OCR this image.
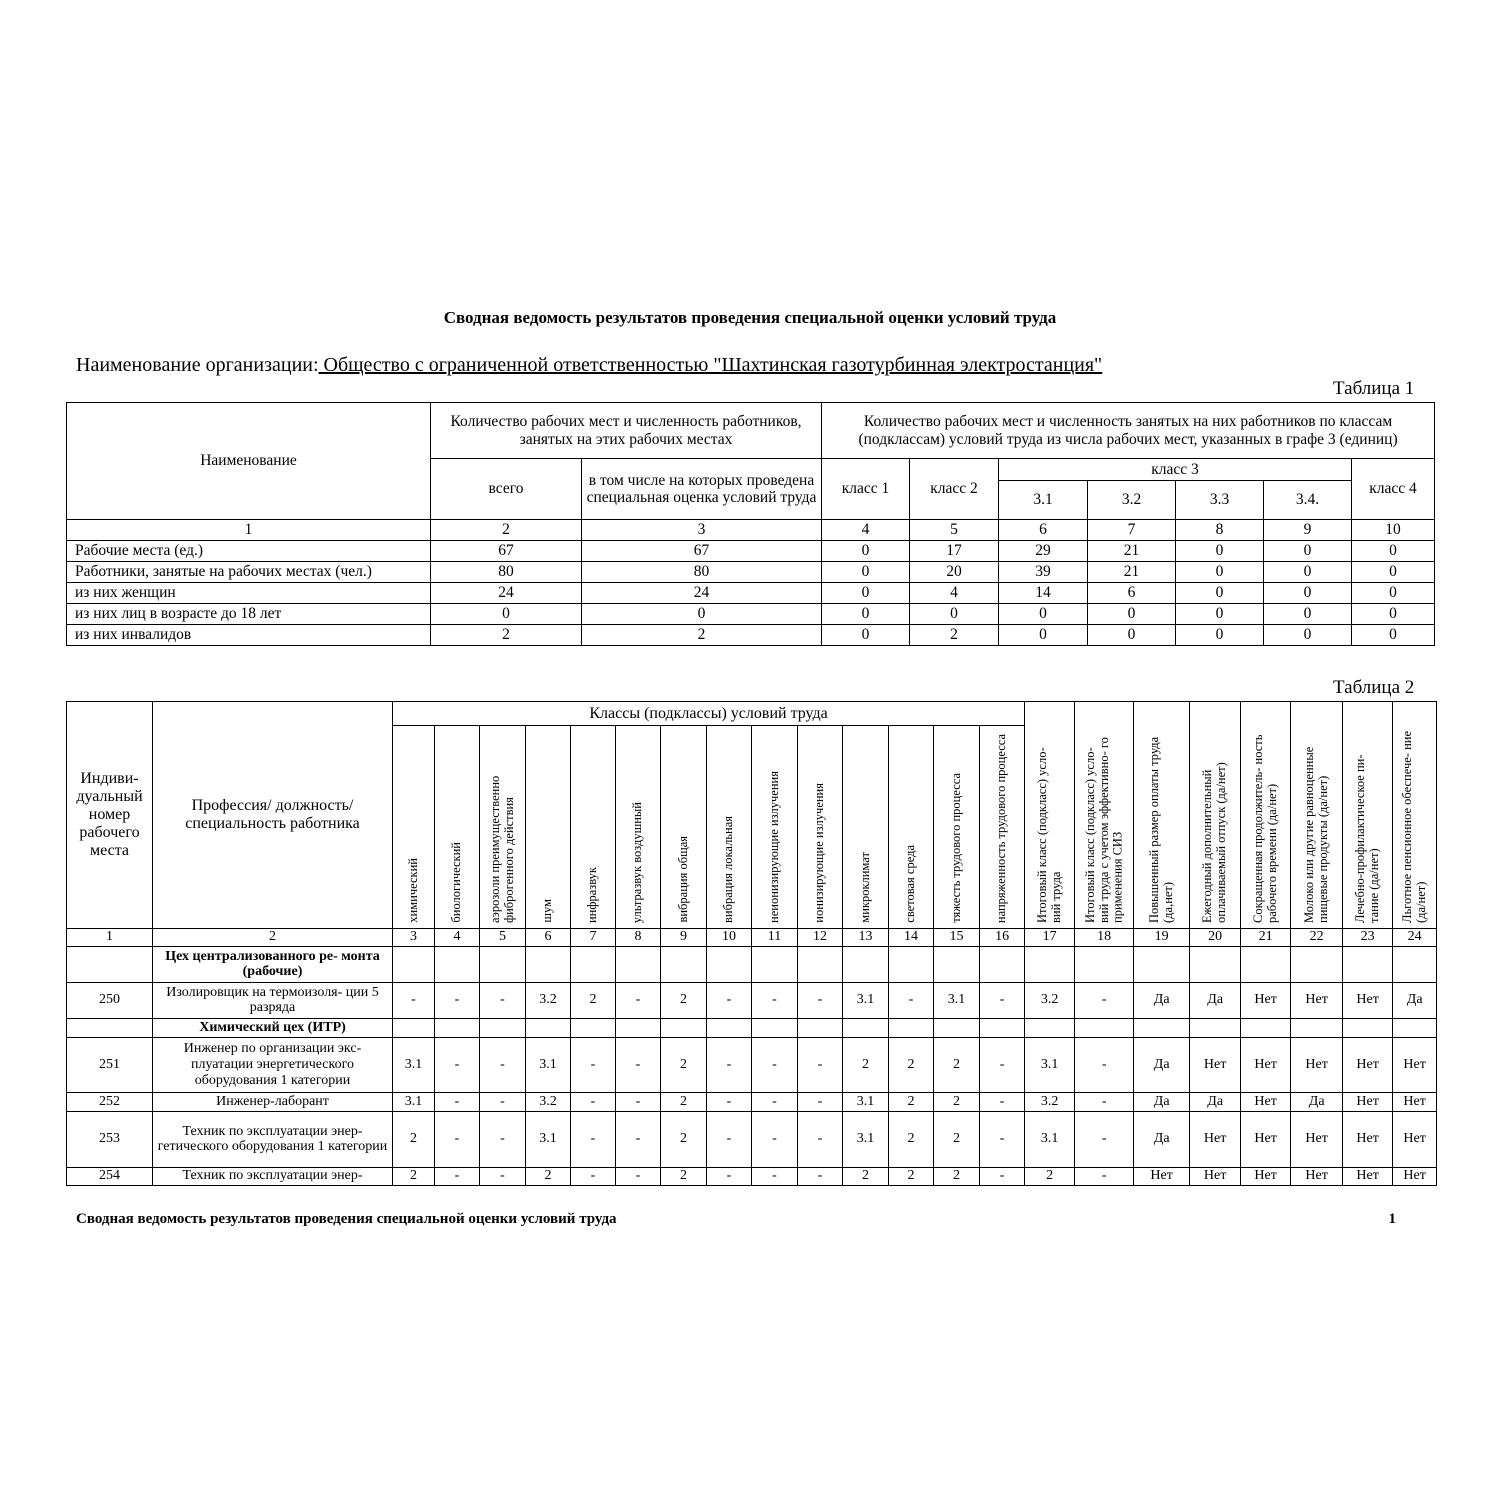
Сводная ведомость результатов проведения специальной оценки условий труда
Наименование организации: Общество с ограниченной ответственностью "Шахтинская газотурбинная электростанция"
Таблица 1
Наименование	Количество рабочих мест и численность работников, занятых на этих рабочих местах		Количество рабочих мест и численность занятых на них работников по классам (подклассам) условий труда из числа рабочих мест, указанных в графе 3 (единиц)						
	всего	в том числе на которых проведена специальная оценка условий труда	класс 1	класс 2	класс 3				класс 4
					3.1	3.2	3.3	3.4.	
1	2	3	4	5	6	7	8	9	10
Рабочие места (ед.)	67	67	0	17	29	21	0	0	0
Работники, занятые на рабочих местах (чел.)	80	80	0	20	39	21	0	0	0
из них женщин	24	24	0	4	14	6	0	0	0
из них лиц в возрасте до 18 лет	0	0	0	0	0	0	0	0	0
из них инвалидов	2	2	0	2	0	0	0	0	0
Таблица 2
Индиви- дуальный номер рабочего места	Профессия/ должность/ специальность работника	Классы (подклассы) условий труда														Итоговый класс (подкласс) усло- вий труда	Итоговый класс (подкласс) усло- вий труда с учетом эффективно- го применения СИЗ	Повышенный размер оплаты труда (да,нет)	Ежегодный дополнительный оплачиваемый отпуск (да/нет)	Сокращенная продолжитель- ность рабочего времени (да/нет)	Молоко или другие равноценные пищевые продукты (да/нет)	Лечебно-профилактическое пи- тание (да/нет)	Льготное пенсионное обеспече- ние (да/нет)
		химический	биологический	аэрозоли преимущественно фиброгенного действия	шум	инфразвук	ультразвук воздушный	вибрация общая	вибрация локальная	неионизирующие излучения	ионизирующие излучения	микроклимат	световая среда	тяжесть трудового процесса	напряженность трудового процесса								
1	2	3	4	5	6	7	8	9	10	11	12	13	14	15	16	17	18	19	20	21	22	23	24
	Цех централизованного ре- монта (рабочие)																						
250	Изолировщик на термоизоля- ции 5 разряда	-	-	-	3.2	2	-	2	-	-	-	3.1	-	3.1	-	3.2	-	Да	Да	Нет	Нет	Нет	Да
	Химический цех (ИТР)																						
251	Инженер по организации экс- плуатации энергетического оборудования 1 категории	3.1	-	-	3.1	-	-	2	-	-	-	2	2	2	-	3.1	-	Да	Нет	Нет	Нет	Нет	Нет
252	Инженер-лаборант	3.1	-	-	3.2	-	-	2	-	-	-	3.1	2	2	-	3.2	-	Да	Да	Нет	Да	Нет	Нет
253	Техник по эксплуатации энер- гетического оборудования 1 категории	2	-	-	3.1	-	-	2	-	-	-	3.1	2	2	-	3.1	-	Да	Нет	Нет	Нет	Нет	Нет
254	Техник по эксплуатации энер-	2	-	-	2	-	-	2	-	-	-	2	2	2	-	2	-	Нет	Нет	Нет	Нет	Нет	Нет
Сводная ведомость результатов проведения специальной оценки условий труда	1
